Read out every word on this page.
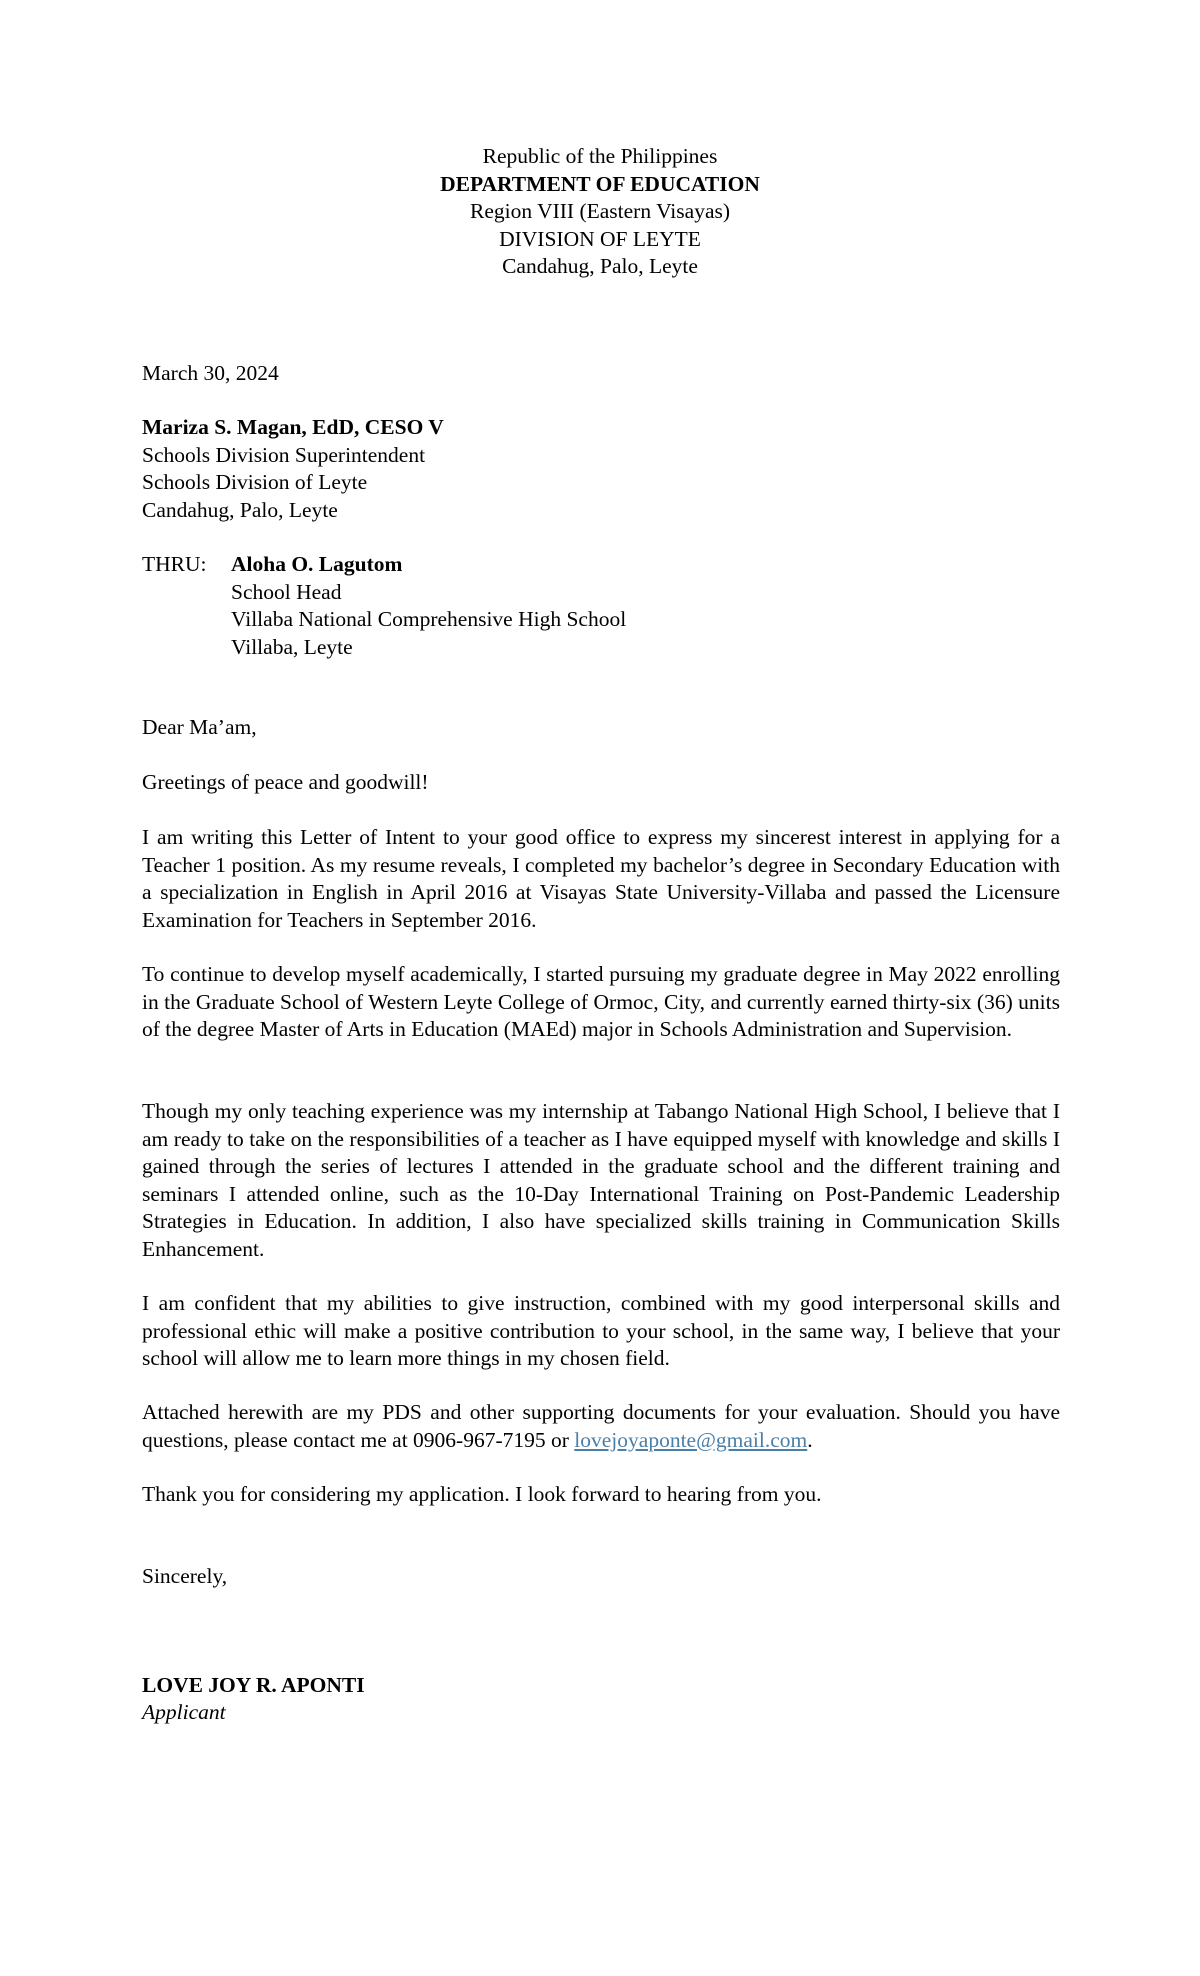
Republic of the Philippines
DEPARTMENT OF EDUCATION
Region VIII (Eastern Visayas)
DIVISION OF LEYTE
Candahug, Palo, Leyte
March 30, 2024
Mariza S. Magan, EdD, CESO V
Schools Division Superintendent
Schools Division of Leyte
Candahug, Palo, Leyte
THRU:	Aloha O. Lagutom
School Head
Villaba National Comprehensive High School
Villaba, Leyte
Dear Ma’am,
Greetings of peace and goodwill!

I am writing this Letter of Intent to your good office to express my sincerest interest in applying for a Teacher 1 position. As my resume reveals, I completed my bachelor’s degree in Secondary Education with a specialization in English in April 2016 at Visayas State University-Villaba and passed the Licensure Examination for Teachers in September 2016.

To continue to develop myself academically, I started pursuing my graduate degree in May 2022 enrolling in the Graduate School of Western Leyte College of Ormoc, City, and currently earned thirty-six (36) units of the degree Master of Arts in Education (MAEd) major in Schools Administration and Supervision.

Though my only teaching experience was my internship at Tabango National High School, I believe that I am ready to take on the responsibilities of a teacher as I have equipped myself with knowledge and skills I gained through the series of lectures I attended in the graduate school and the different training and seminars I attended online, such as the 10-Day International Training on Post-Pandemic Leadership Strategies in Education. In addition, I also have specialized skills training in Communication Skills Enhancement.

I am confident that my abilities to give instruction, combined with my good interpersonal skills and professional ethic will make a positive contribution to your school, in the same way, I believe that your school will allow me to learn more things in my chosen field.

Attached herewith are my PDS and other supporting documents for your evaluation. Should you have questions, please contact me at 0906-967-7195 or lovejoyaponte@gmail.com.

Thank you for considering my application. I look forward to hearing from you.

Sincerely,
LOVE JOY R. APONTI
Applicant
